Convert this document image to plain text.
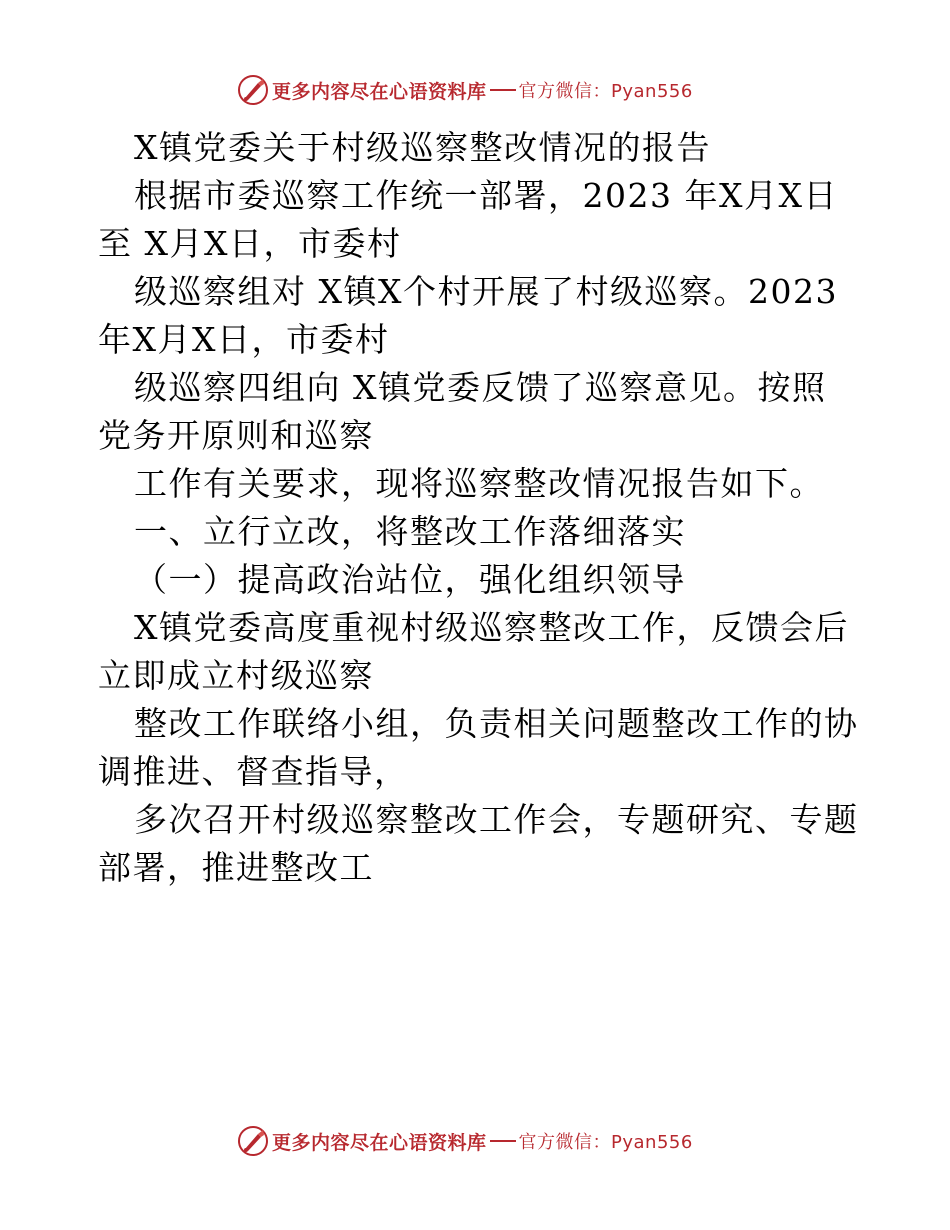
更多内容尽在心语资料库 官方微信：Pyan556
X镇党委关于村级巡察整改情况的报告
根据市委巡察工作统一部署，2023 年X月X日
至 X月X日，市委村
级巡察组对 X镇X个村开展了村级巡察。2023
年X月X日，市委村
级巡察四组向 X镇党委反馈了巡察意见。按照
党务开原则和巡察
工作有关要求，现将巡察整改情况报告如下。
一、立行立改，将整改工作落细落实
（一）提高政治站位，强化组织领导
X镇党委高度重视村级巡察整改工作，反馈会后
立即成立村级巡察
整改工作联络小组，负责相关问题整改工作的协
调推进、督查指导，
多次召开村级巡察整改工作会，专题研究、专题
部署，推进整改工
更多内容尽在心语资料库 官方微信：Pyan556
